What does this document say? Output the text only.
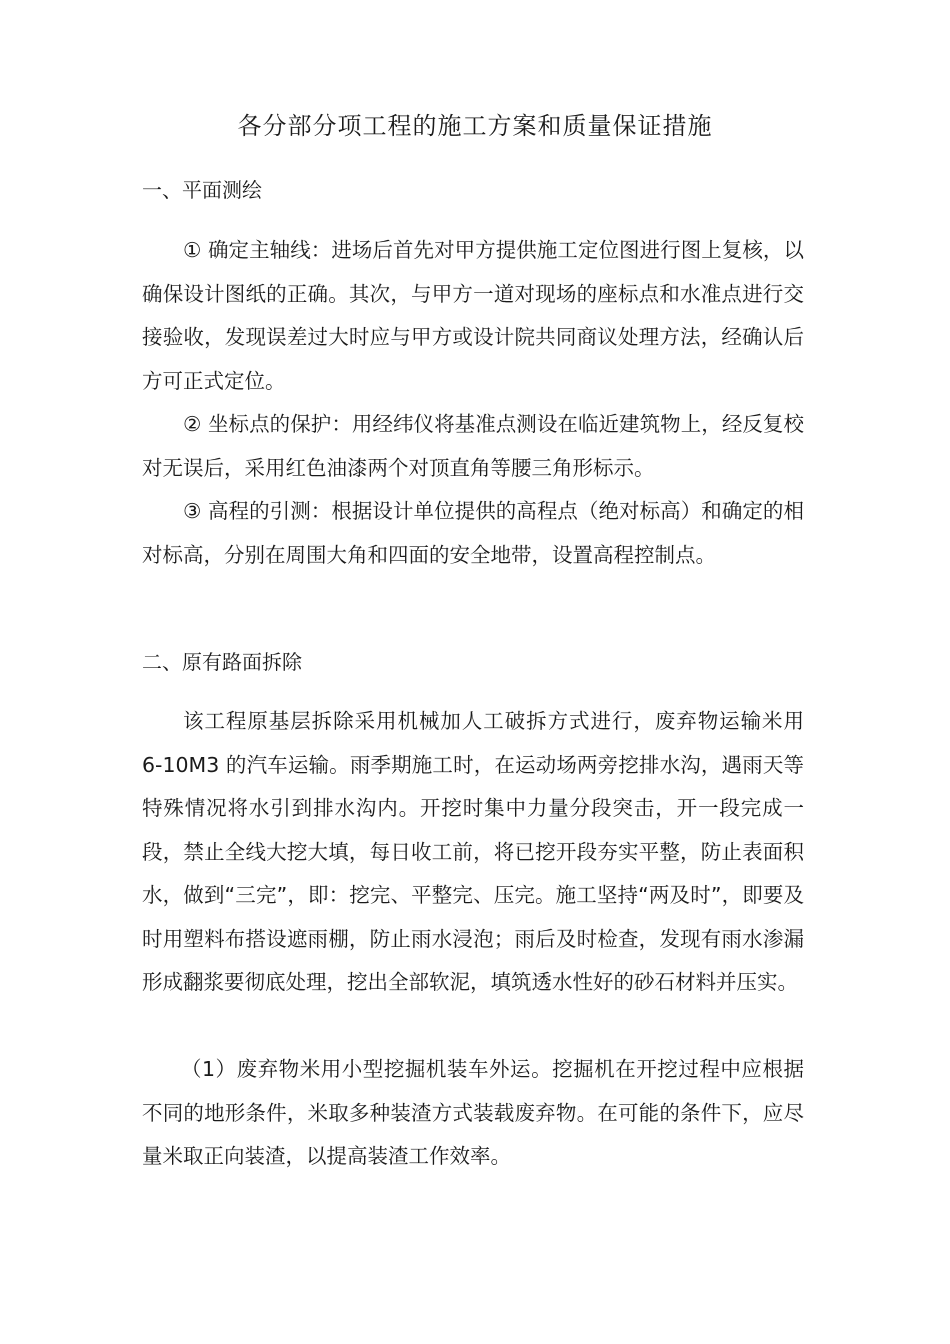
各分部分项工程的施工方案和质量保证措施
一、平面测绘
① 确定主轴线：进场后首先对甲方提供施工定位图进行图上复核，以确保设计图纸的正确。其次，与甲方一道对现场的座标点和水准点进行交接验收，发现误差过大时应与甲方或设计院共同商议处理方法，经确认后方可正式定位。
② 坐标点的保护：用经纬仪将基准点测设在临近建筑物上，经反复校对无误后，采用红色油漆两个对顶直角等腰三角形标示。
③ 高程的引测：根据设计单位提供的高程点（绝对标高）和确定的相对标高，分别在周围大角和四面的安全地带，设置高程控制点。
二、原有路面拆除
该工程原基层拆除采用机械加人工破拆方式进行，废弃物运输米用 6-10M3 的汽车运输。雨季期施工时，在运动场两旁挖排水沟，遇雨天等特殊情况将水引到排水沟内。开挖时集中力量分段突击，开一段完成一段，禁止全线大挖大填，每日收工前，将已挖开段夯实平整，防止表面积水，做到“三完”，即：挖完、平整完、压完。施工坚持“两及时”，即要及时用塑料布搭设遮雨棚，防止雨水浸泡；雨后及时检查，发现有雨水渗漏形成翻浆要彻底处理，挖出全部软泥，填筑透水性好的砂石材料并压实。
（1）废弃物米用小型挖掘机装车外运。挖掘机在开挖过程中应根据不同的地形条件，米取多种装渣方式装载废弃物。在可能的条件下，应尽量米取正向装渣，以提高装渣工作效率。
